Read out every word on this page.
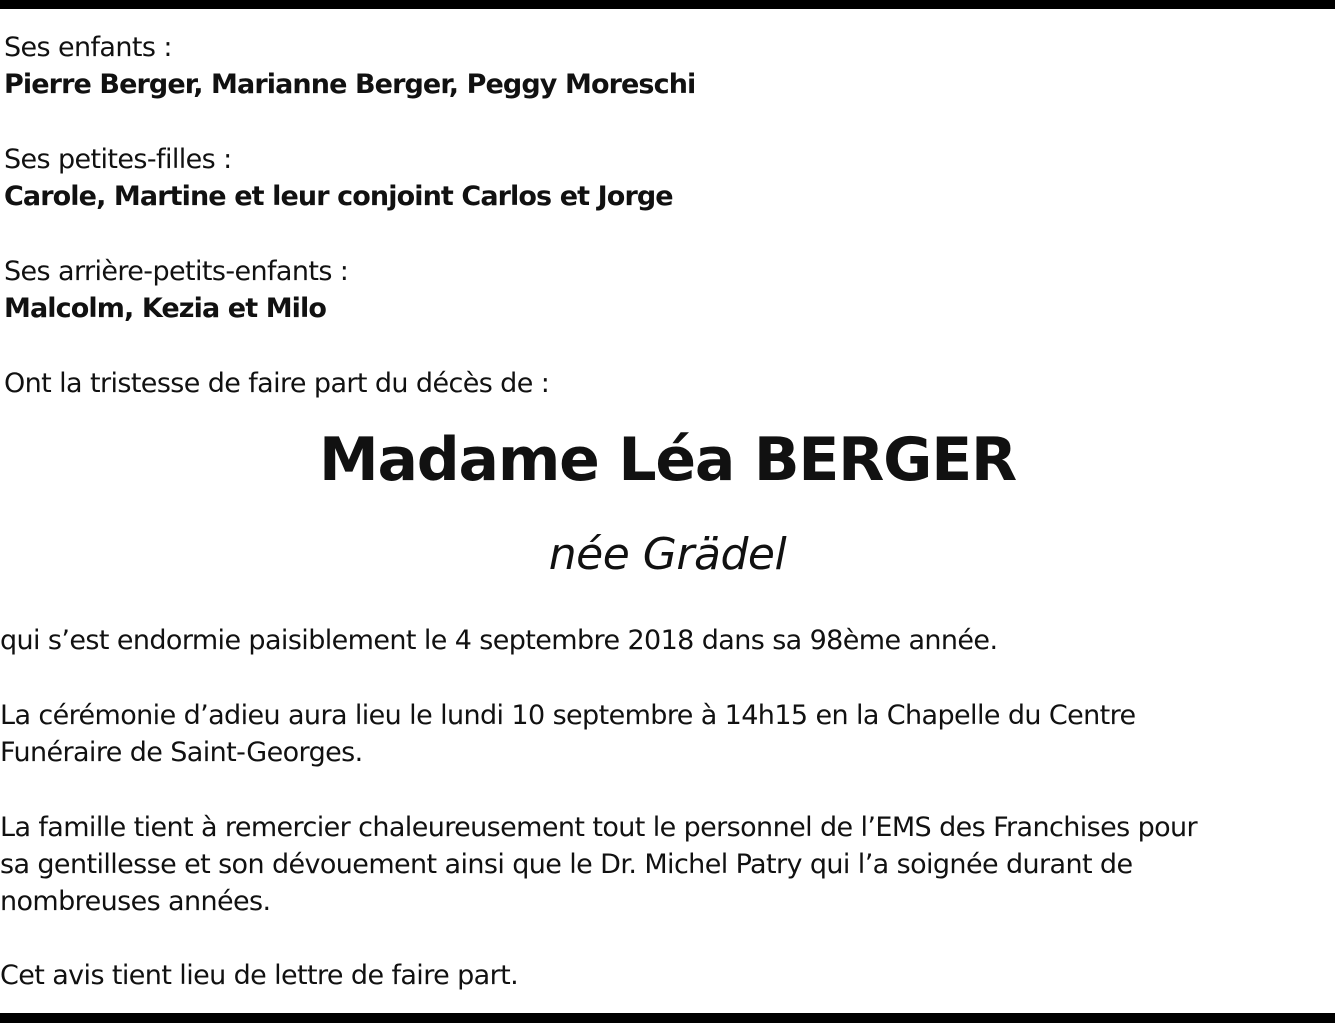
Ses enfants :
Pierre Berger, Marianne Berger, Peggy Moreschi
Ses petites-filles :
Carole, Martine et leur conjoint Carlos et Jorge
Ses arrière-petits-enfants :
Malcolm, Kezia et Milo
Ont la tristesse de faire part du décès de :
Madame Léa BERGER
née Grädel
qui s’est endormie paisiblement le 4 septembre 2018 dans sa 98ème année.
La cérémonie d’adieu aura lieu le lundi 10 septembre à 14h15 en la Chapelle du Centre
Funéraire de Saint-Georges.
La famille tient à remercier chaleureusement tout le personnel de l’EMS des Franchises pour
sa gentillesse et son dévouement ainsi que le Dr. Michel Patry qui l’a soignée durant de
nombreuses années.
Cet avis tient lieu de lettre de faire part.
